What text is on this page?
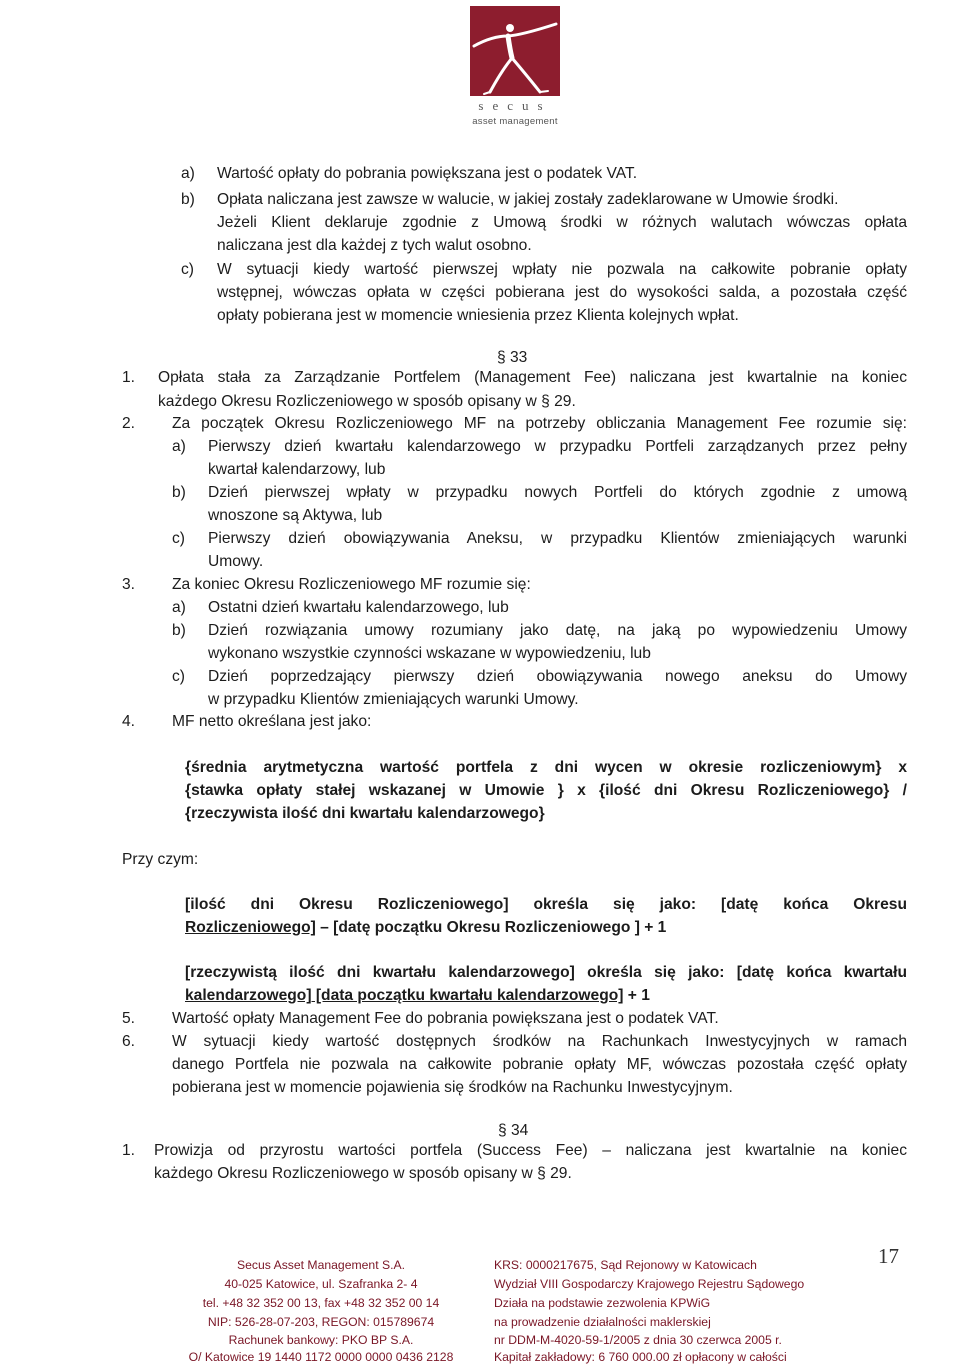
secus
asset management
a) Wartość opłaty do pobrania powiększana jest o podatek VAT.
b) Opłata naliczana jest zawsze w walucie, w jakiej zostały zadeklarowane w Umowie środki.
Jeżeli Klient deklaruje zgodnie z Umową środki w różnych walutach wówczas opłata
naliczana jest dla każdej z tych walut osobno.
c) W sytuacji kiedy wartość pierwszej wpłaty nie pozwala na całkowite pobranie opłaty
wstępnej, wówczas opłata w części pobierana jest do wysokości salda, a pozostała część
opłaty pobierana jest w momencie wniesienia przez Klienta kolejnych wpłat.
§ 33
1. Opłata stała za Zarządzanie Portfelem (Management Fee) naliczana jest kwartalnie na koniec
każdego Okresu Rozliczeniowego w sposób opisany w § 29.
2. Za początek Okresu Rozliczeniowego MF na potrzeby obliczania Management Fee rozumie się:
a) Pierwszy dzień kwartału kalendarzowego w przypadku Portfeli zarządzanych przez pełny
kwartał kalendarzowy, lub
b) Dzień pierwszej wpłaty w przypadku nowych Portfeli do których zgodnie z umową
wnoszone są Aktywa, lub
c) Pierwszy dzień obowiązywania Aneksu, w przypadku Klientów zmieniających warunki
Umowy.
3. Za koniec Okresu Rozliczeniowego MF rozumie się:
a) Ostatni dzień kwartału kalendarzowego, lub
b) Dzień rozwiązania umowy rozumiany jako datę, na jaką po wypowiedzeniu Umowy
wykonano wszystkie czynności wskazane w wypowiedzeniu, lub
c) Dzień poprzedzający pierwszy dzień obowiązywania nowego aneksu do Umowy
w przypadku Klientów zmieniających warunki Umowy.
4. MF netto określana jest jako:
{średnia arytmetyczna wartość portfela z dni wycen w okresie rozliczeniowym} x
{stawka opłaty stałej wskazanej w Umowie } x {ilość dni Okresu Rozliczeniowego} /
{rzeczywista ilość dni kwartału kalendarzowego}
Przy czym:
[ilość dni Okresu Rozliczeniowego] określa się jako: [datę końca Okresu
Rozliczeniowego] – [datę początku Okresu Rozliczeniowego ] + 1
[rzeczywistą ilość dni kwartału kalendarzowego] określa się jako: [datę końca kwartału
kalendarzowego] [data początku kwartału kalendarzowego] + 1
5. Wartość opłaty Management Fee do pobrania powiększana jest o podatek VAT.
6. W sytuacji kiedy wartość dostępnych środków na Rachunkach Inwestycyjnych w ramach
danego Portfela nie pozwala na całkowite pobranie opłaty MF, wówczas pozostała część opłaty
pobierana jest w momencie pojawienia się środków na Rachunku Inwestycyjnym.
§ 34
1. Prowizja od przyrostu wartości portfela (Success Fee) – naliczana jest kwartalnie na koniec
każdego Okresu Rozliczeniowego w sposób opisany w § 29.
Secus Asset Management S.A.
40-025 Katowice, ul. Szafranka 2- 4
tel. +48 32 352 00 13, fax +48 32 352 00 14
NIP: 526-28-07-203, REGON: 015789674
Rachunek bankowy: PKO BP S.A.
O/ Katowice 19 1440 1172 0000 0000 0436 2128
KRS: 0000217675, Sąd Rejonowy w Katowicach
Wydział VIII Gospodarczy Krajowego Rejestru Sądowego
Działa na podstawie zezwolenia KPWiG
na prowadzenie działalności maklerskiej
nr DDM-M-4020-59-1/2005 z dnia 30 czerwca 2005 r.
Kapitał zakładowy: 6 760 000.00 zł opłacony w całości
17
